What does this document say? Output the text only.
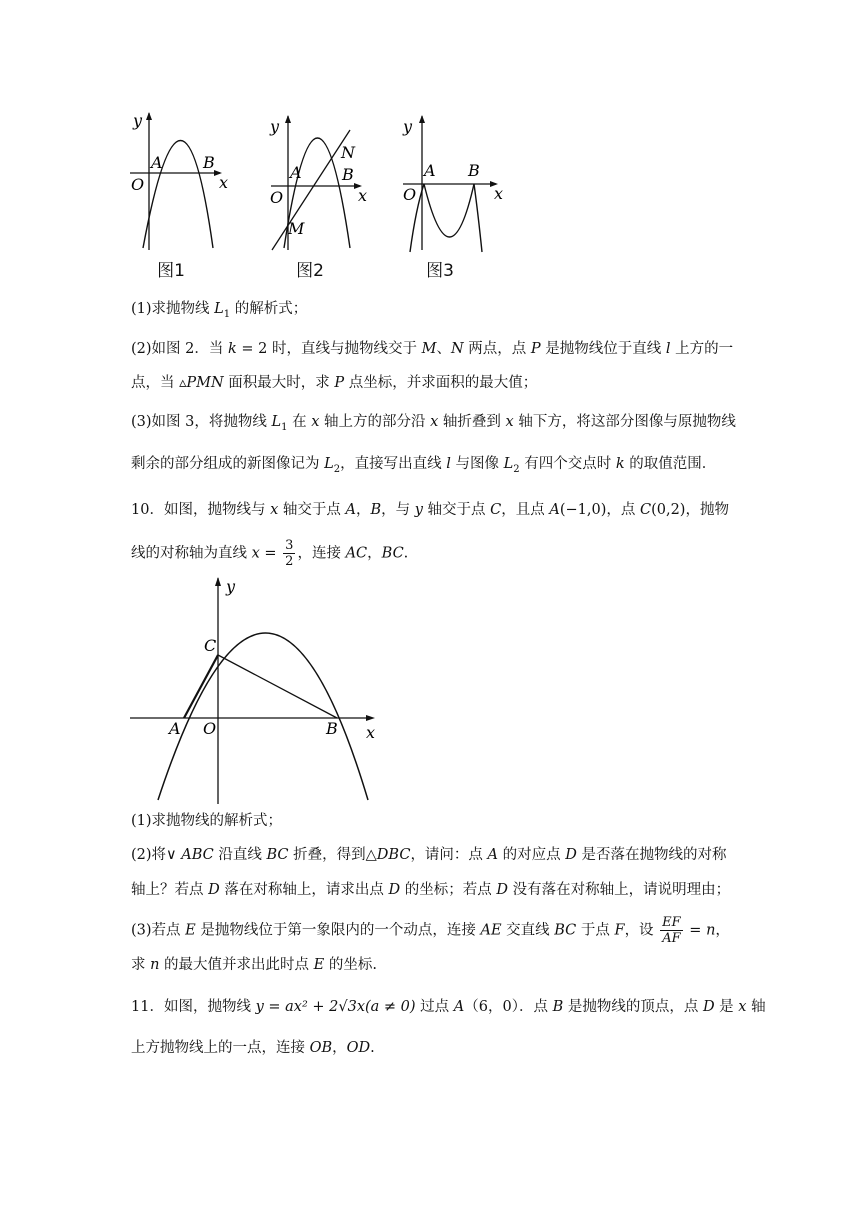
y
x
O
A	B
图1
y
x
O
A	B
N
M
图2
y
x
O
A B
图3
(1)求抛物线 $L_1$ 的解析式；
(2)如图 2．当 k = 2 时，直线与抛物线交于 M、N 两点，点 P 是抛物线位于直线 l 上方的一
点，当 ▵PMN 面积最大时，求 P 点坐标，并求面积的最大值；
(3)如图 3，将抛物线 $L_1$ 在 x 轴上方的部分沿 x 轴折叠到 x 轴下方，将这部分图像与原抛物线
剩余的部分组成的新图像记为 $L_2$，直接写出直线 l 与图像 $L_2$ 有四个交点时 k 的取值范围．
10．如图，抛物线与 x 轴交于点 A，B，与 y 轴交于点 C，且点 A(−1,0)，点 C(0,2)，抛物
线的对称轴为直线 $x = \frac{3}{2}$ ，连接 AC，BC.
y
x
O
A	B
C
(1)求抛物线的解析式；
(2)将∨ ABC 沿直线 BC 折叠，得到△DBC，请问：点 A 的对应点 D 是否落在抛物线的对称
轴上？若点 D 落在对称轴上，请求出点 D 的坐标；若点 D 没有落在对称轴上，请说明理由；
(3)若点 E 是抛物线位于第一象限内的一个动点，连接 AE 交直线 BC 于点 F，设 $\frac{EF}{AF} = n$，
求 n 的最大值并求出此时点 E 的坐标.
11．如图，抛物线 y = ax² + 2√3x(a ≠ 0) 过点 A（6，0）．点 B 是抛物线的顶点，点 D 是 x 轴
上方抛物线上的一点，连接 OB，OD.
